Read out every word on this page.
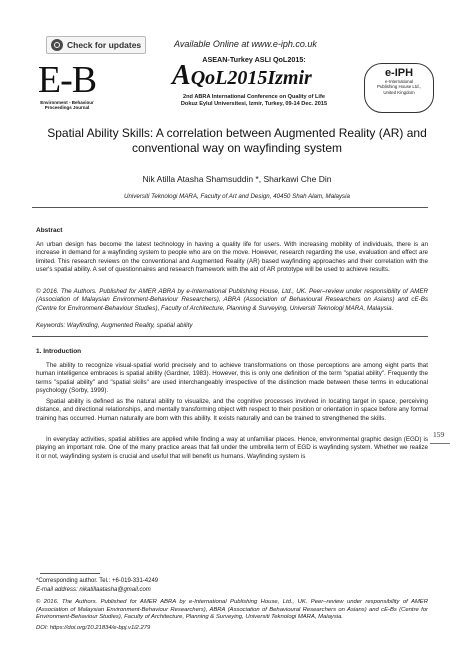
Check for updates	Available Online at www.e-iph.co.uk
E-B
Environment - Behaviour
Proceedings Journal
ASEAN-Turkey ASLI QoL2015:
AQoL2015Izmir
2nd ABRA International Conference on Quality of Life
Dokuz Eylul Universitesi, Izmir, Turkey, 09-14 Dec. 2015
e-IPH
e-International
Publishing House Ltd.,
United Kingdom
Spatial Ability Skills: A correlation between Augmented Reality (AR) and
conventional way on wayfinding system
Nik Atilla Atasha Shamsuddin *, Sharkawi Che Din
Universiti Teknologi MARA, Faculty of Art and Design, 40450 Shah Alam, Malaysia
Abstract
An urban design has become the latest technology in having a quality life for users. With increasing mobility of individuals, there is an increase in demand for a wayfinding system to people who are on the move. However, research regarding the use, evaluation and effect are limited. This research reviews on the conventional and Augmented Reality (AR) based wayfinding approaches and their correlation with the user's spatial ability. A set of questionnaires and research framework with the aid of AR prototype will be used to achieve results.
© 2016. The Authors. Published for AMER ABRA by e-International Publishing House, Ltd., UK. Peer–review under responsibility of AMER (Association of Malaysian Environment-Behaviour Researchers), ABRA (Association of Behavioural Researchers on Asians) and cE-Bs (Centre for Environment-Behaviour Studies), Faculty of Architecture, Planning & Surveying, Universiti Teknologi MARA, Malaysia.
Keywords: Wayfinding, Augmented Reality, spatial ability
159
1. Introduction
The ability to recognize visual-spatial world precisely and to achieve transformations on those perceptions are among eight parts that human intelligence embraces is spatial ability (Gardner, 1983). However, this is only one definition of the term "spatial ability". Frequently the terms "spatial ability" and "spatial skills" are used interchangeably irrespective of the distinction made between these terms in educational psychology (Sorby, 1999).
Spatial ability is defined as the natural ability to visualize, and the cognitive processes involved in locating target in space, perceiving distance, and directional relationships, and mentally transforming object with respect to their position or orientation in space before any formal training has occurred. Human naturally are born with this ability. It exists naturally and can be trained to strengthened the skills.
In everyday activities, spatial abilities are applied while finding a way at unfamiliar places. Hence, environmental graphic design (EGD) is playing an important role. One of the many practice areas that fall under the umbrella term of EGD is wayfinding system. Whether we realize it or not, wayfinding system is crucial and useful that will benefit us humans. Wayfinding system is
*Corresponding author. Tel.: +6-019-331-4249
E-mail address: nikatillaatasha@gmail.com
© 2016. The Authors. Published for AMER ABRA by e-International Publishing House, Ltd., UK. Peer–review under responsibility of AMER (Association of Malaysian Environment-Behaviour Researchers), ABRA (Association of Behavioural Researchers on Asians) and cE-Bs (Centre for Environment-Behaviour Studies), Faculty of Architecture, Planning & Surveying, Universiti Teknologi MARA, Malaysia.
DOI: https://doi.org/10.21834/e-bpj.v1i2.279
